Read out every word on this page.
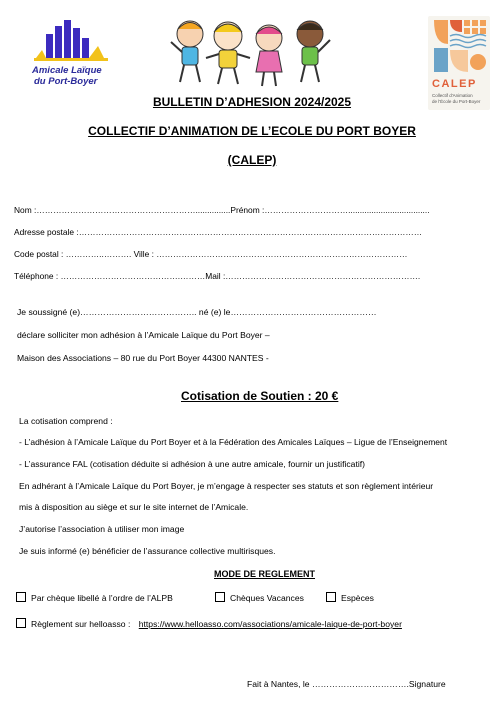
Amicale Laïque
du Port-Boyer	CALEP
Collectif d'Animation
de l'École du Port-Boyer
BULLETIN D’ADHESION 2024/2025
COLLECTIF D’ANIMATION DE L’ECOLE DU PORT BOYER
(CALEP)
Nom :…………………………………………………...............Prénom :…………………………...................................
Adresse postale :……………………………………………………………………………………………………………
Code postal : …………..………. Ville : ………………………………………………………………………………
Téléphone : …………………………………….………Mail :…………………………………………………………….
Je soussigné (e)………………………………….. né (e) le……………………………………………
déclare solliciter mon adhésion à l’Amicale Laïque du Port Boyer –
Maison des Associations – 80 rue du Port Boyer 44300 NANTES -
Cotisation de Soutien : 20 €
La cotisation comprend :
- L’adhésion à l’Amicale Laïque du Port Boyer et à la Fédération des Amicales Laïques – Ligue de l’Enseignement
- L’assurance FAL (cotisation déduite si adhésion à une autre amicale, fournir un justificatif)
En adhérant à l’Amicale Laïque du Port Boyer, je m’engage à respecter ses statuts et son règlement intérieur
mis à disposition au siège et sur le site internet de l’Amicale.
J’autorise l’association à utiliser mon image
Je suis informé (e) bénéficier de l’assurance collective multirisques.
MODE DE REGLEMENT
Par chèque libellé à l’ordre de l’ALPB	Chèques Vacances	Espèces
Règlement sur helloasso : https://www.helloasso.com/associations/amicale-laique-de-port-boyer
Fait à Nantes, le …………………………….Signature
